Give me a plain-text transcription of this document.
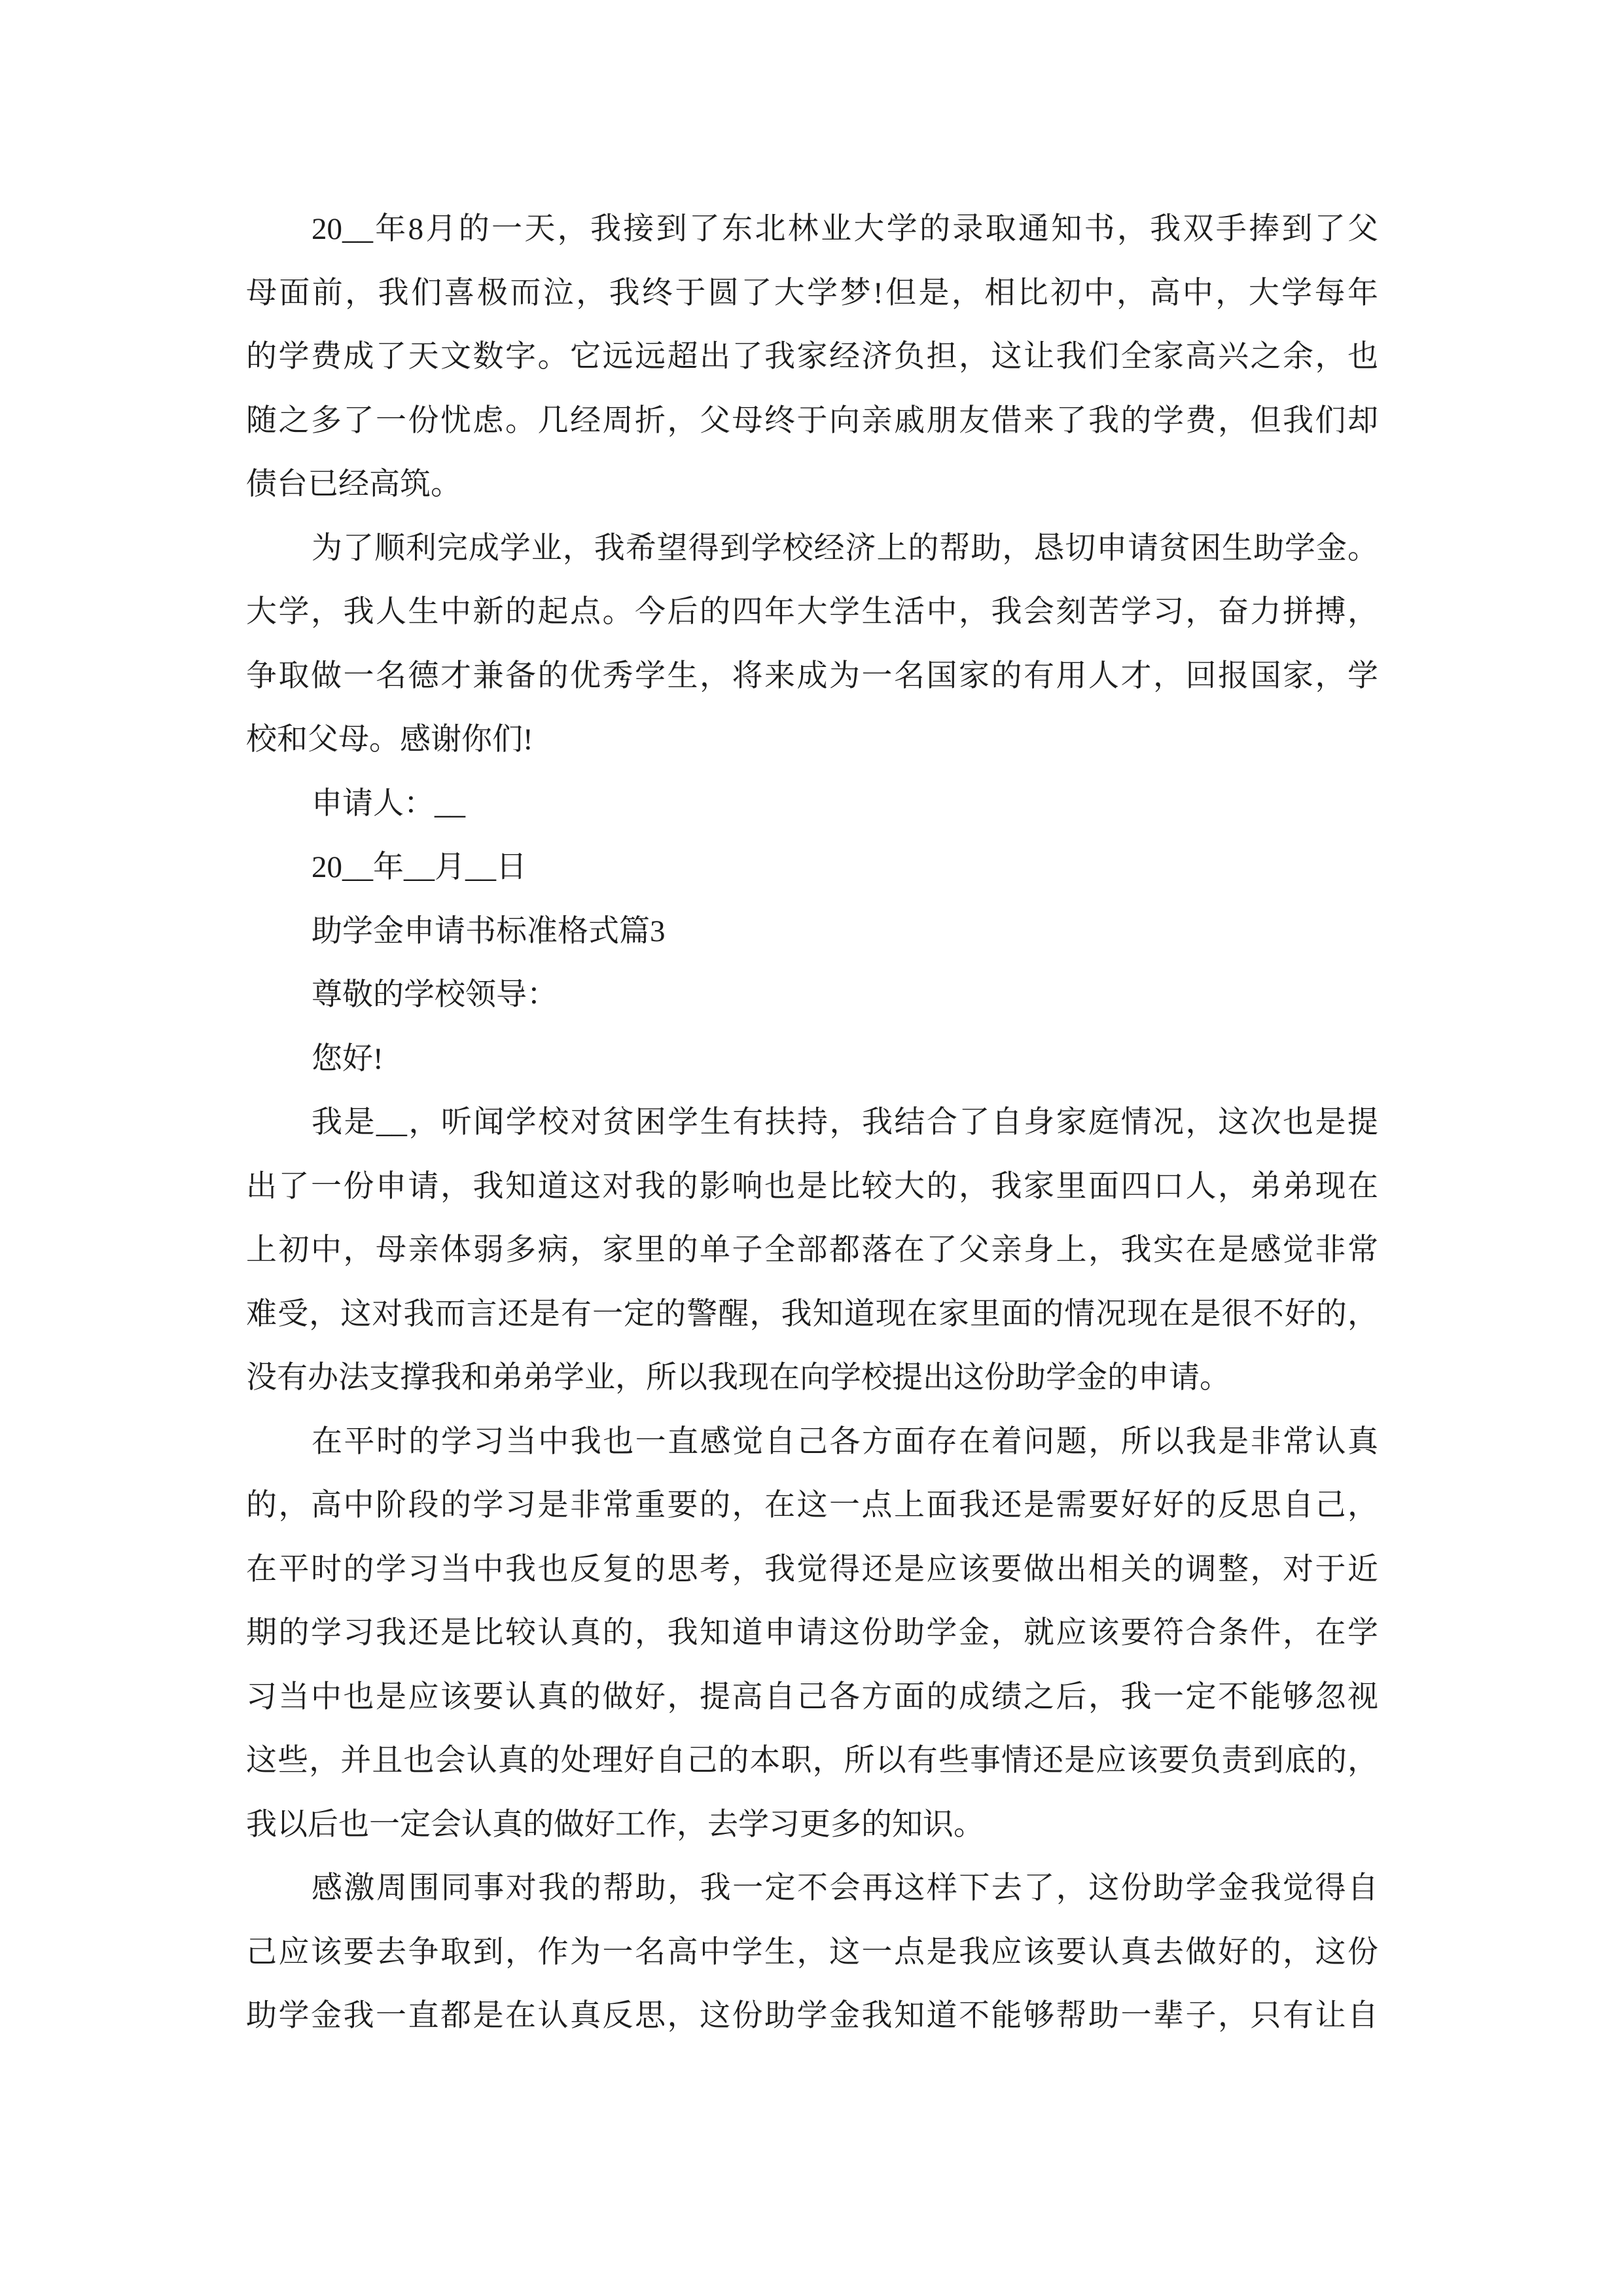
20__年8月的一天，我接到了东北林业大学的录取通知书，我双手捧到了父
母面前，我们喜极而泣，我终于圆了大学梦!但是，相比初中，高中，大学每年
的学费成了天文数字。它远远超出了我家经济负担，这让我们全家高兴之余，也
随之多了一份忧虑。几经周折，父母终于向亲戚朋友借来了我的学费，但我们却
债台已经高筑。
为了顺利完成学业，我希望得到学校经济上的帮助，恳切申请贫困生助学金。
大学，我人生中新的起点。今后的四年大学生活中，我会刻苦学习，奋力拼搏，
争取做一名德才兼备的优秀学生，将来成为一名国家的有用人才，回报国家，学
校和父母。感谢你们!
申请人：__
20__年__月__日
助学金申请书标准格式篇3
尊敬的学校领导：
您好!
我是__，听闻学校对贫困学生有扶持，我结合了自身家庭情况，这次也是提
出了一份申请，我知道这对我的影响也是比较大的，我家里面四口人，弟弟现在
上初中，母亲体弱多病，家里的单子全部都落在了父亲身上，我实在是感觉非常
难受，这对我而言还是有一定的警醒，我知道现在家里面的情况现在是很不好的，
没有办法支撑我和弟弟学业，所以我现在向学校提出这份助学金的申请。
在平时的学习当中我也一直感觉自己各方面存在着问题，所以我是非常认真
的，高中阶段的学习是非常重要的，在这一点上面我还是需要好好的反思自己，
在平时的学习当中我也反复的思考，我觉得还是应该要做出相关的调整，对于近
期的学习我还是比较认真的，我知道申请这份助学金，就应该要符合条件，在学
习当中也是应该要认真的做好，提高自己各方面的成绩之后，我一定不能够忽视
这些，并且也会认真的处理好自己的本职，所以有些事情还是应该要负责到底的，
我以后也一定会认真的做好工作，去学习更多的知识。
感激周围同事对我的帮助，我一定不会再这样下去了，这份助学金我觉得自
己应该要去争取到，作为一名高中学生，这一点是我应该要认真去做好的，这份
助学金我一直都是在认真反思，这份助学金我知道不能够帮助一辈子，只有让自
